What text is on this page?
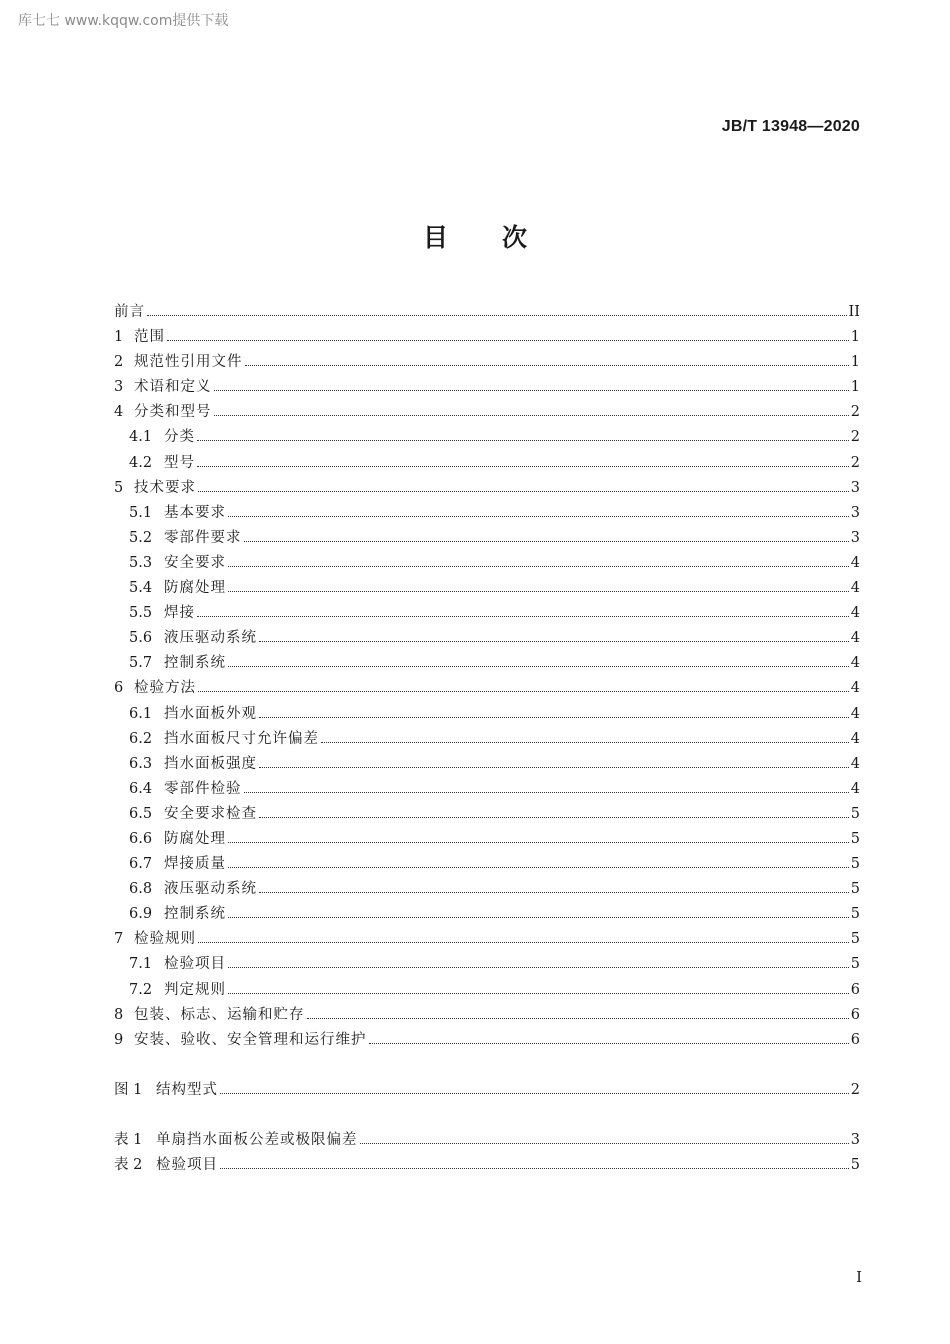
库七七 www.kqqw.com提供下载
JB/T 13948—2020
目次
前言	II
1 范围	1
2 规范性引用文件	1
3 术语和定义	1
4 分类和型号	2
4.1 分类	2
4.2 型号	2
5 技术要求	3
5.1 基本要求	3
5.2 零部件要求	3
5.3 安全要求	4
5.4 防腐处理	4
5.5 焊接	4
5.6 液压驱动系统	4
5.7 控制系统	4
6 检验方法	4
6.1 挡水面板外观	4
6.2 挡水面板尺寸允许偏差	4
6.3 挡水面板强度	4
6.4 零部件检验	4
6.5 安全要求检查	5
6.6 防腐处理	5
6.7 焊接质量	5
6.8 液压驱动系统	5
6.9 控制系统	5
7 检验规则	5
7.1 检验项目	5
7.2 判定规则	6
8 包装、标志、运输和贮存	6
9 安装、验收、安全管理和运行维护	6
图 1 结构型式	2
表 1 单扇挡水面板公差或极限偏差	3
表 2 检验项目	5
I
